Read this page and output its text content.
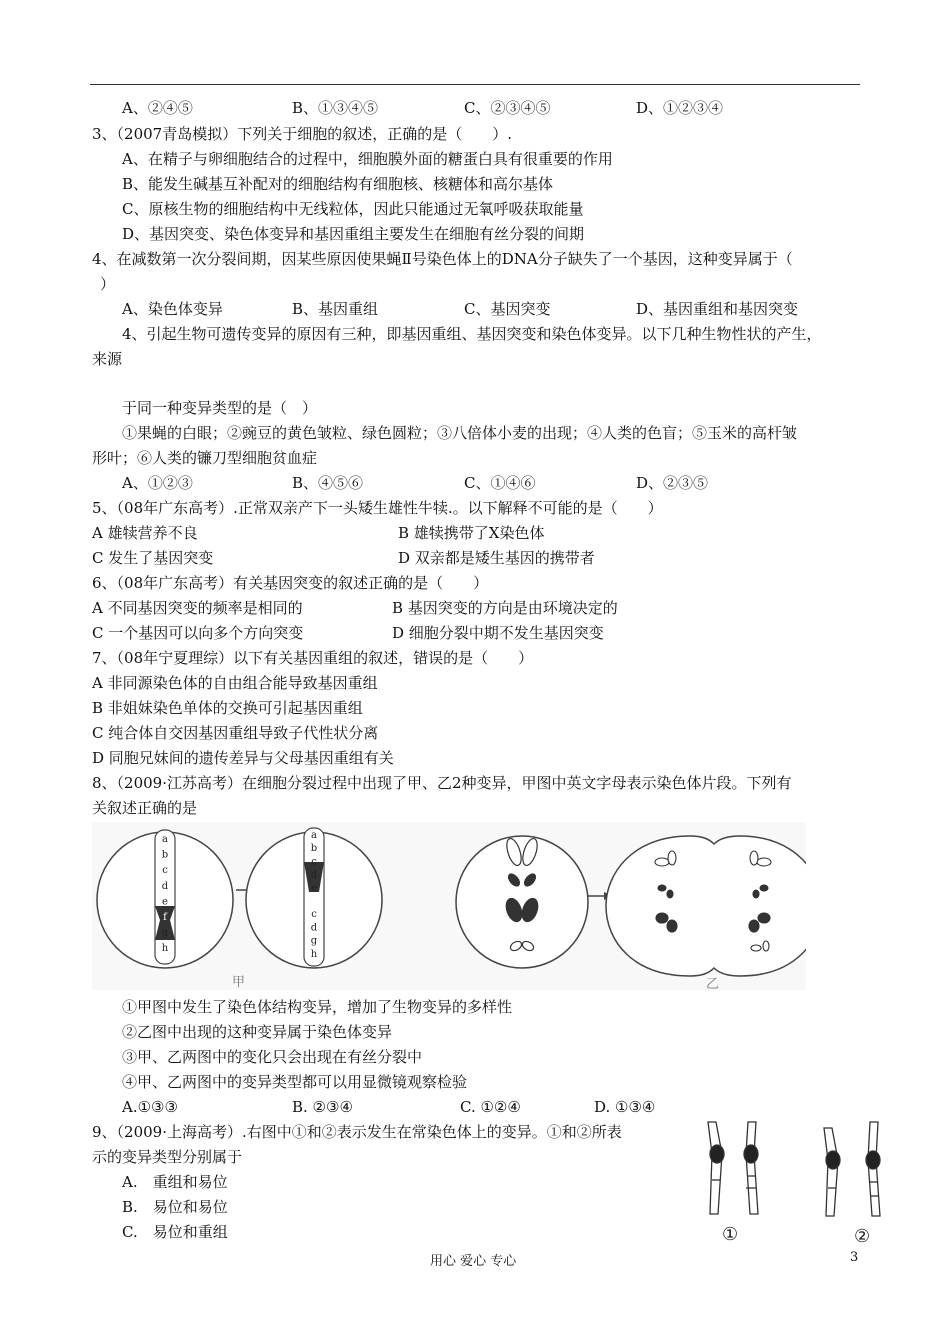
A、②④⑤	B、①③④⑤	C、②③④⑤	D、①②③④
3、（2007青岛模拟）下列关于细胞的叙述，正确的是（　　）.
A、在精子与卵细胞结合的过程中，细胞膜外面的糖蛋白具有很重要的作用
B、能发生碱基互补配对的细胞结构有细胞核、核糖体和高尔基体
C、原核生物的细胞结构中无线粒体，因此只能通过无氧呼吸获取能量
D、基因突变、染色体变异和基因重组主要发生在细胞有丝分裂的间期
4、在减数第一次分裂间期，因某些原因使果蝇Ⅱ号染色体上的DNA分子缺失了一个基因，这种变异属于（
）
A、染色体变异	B、基因重组	C、基因突变	D、基因重组和基因突变
4、引起生物可遗传变异的原因有三种，即基因重组、基因突变和染色体变异。以下几种生物性状的产生，
来源
于同一种变异类型的是（　）
①果蝇的白眼；②豌豆的黄色皱粒、绿色圆粒；③八倍体小麦的出现；④人类的色盲；⑤玉米的高杆皱
形叶；⑥人类的镰刀型细胞贫血症
A、①②③	B、④⑤⑥	C、①④⑥	D、②③⑤
5、（08年广东高考）.正常双亲产下一头矮生雄性牛犊.。以下解释不可能的是（　　）
A 雄犊营养不良	B 雄犊携带了X染色体
C 发生了基因突变	D 双亲都是矮生基因的携带者
6、（08年广东高考）有关基因突变的叙述正确的是（　　）
A 不同基因突变的频率是相同的	B 基因突变的方向是由环境决定的
C 一个基因可以向多个方向突变	D 细胞分裂中期不发生基因突变
7、（08年宁夏理综）以下有关基因重组的叙述，错误的是（　　）
A 非同源染色体的自由组合能导致基因重组
B 非姐妹染色单体的交换可引起基因重组
C 纯合体自交因基因重组导致子代性状分离
D 同胞兄妹间的遗传差异与父母基因重组有关
8、（2009·江苏高考）在细胞分裂过程中出现了甲、乙2种变异，甲图中英文字母表示染色体片段。下列有
关叙述正确的是
a
b
c
d
e
f
g
h
a
b
c
d
e
f
c
d
g
h
甲	乙
①甲图中发生了染色体结构变异，增加了生物变异的多样性
②乙图中出现的这种变异属于染色体变异
③甲、乙两图中的变化只会出现在有丝分裂中
④甲、乙两图中的变异类型都可以用显微镜观察检验
A.①③③	B. ②③④	C. ①②④	D. ①③④
9、（2009·上海高考）.右图中①和②表示发生在常染色体上的变异。①和②所表
示的变异类型分别属于
A.　重组和易位
B.　易位和易位
C.　易位和重组	①	②
用心 爱心 专心	3
